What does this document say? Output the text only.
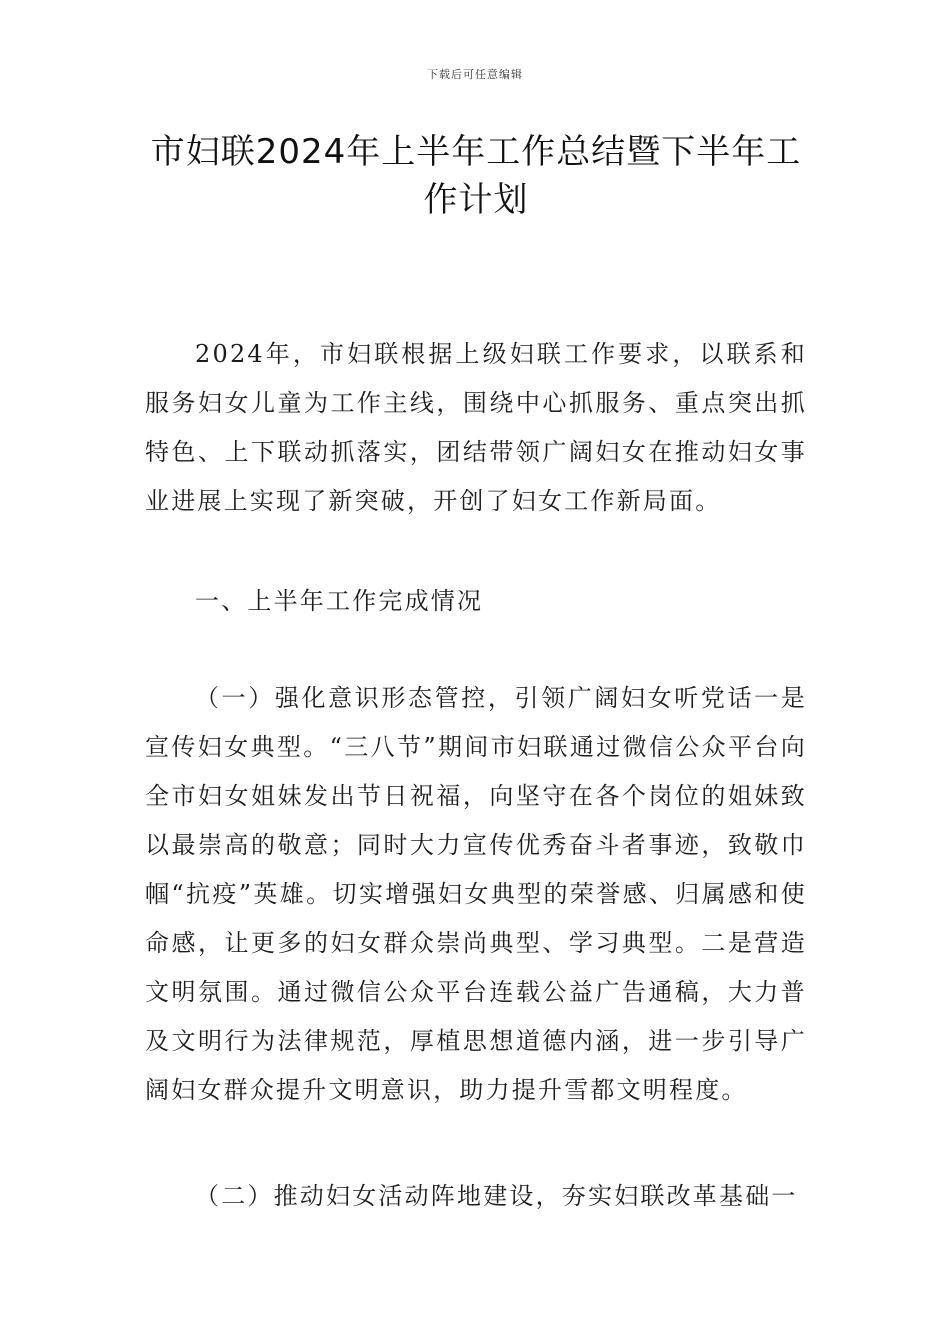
下载后可任意编辑
市妇联2024年上半年工作总结暨下半年工作计划

2024年，市妇联根据上级妇联工作要求，以联系和服务妇女儿童为工作主线，围绕中心抓服务、重点突出抓特色、上下联动抓落实，团结带领广阔妇女在推动妇女事业进展上实现了新突破，开创了妇女工作新局面。

一、上半年工作完成情况

（一）强化意识形态管控，引领广阔妇女听党话一是宣传妇女典型。“三八节”期间市妇联通过微信公众平台向全市妇女姐妹发出节日祝福，向坚守在各个岗位的姐妹致以最崇高的敬意；同时大力宣传优秀奋斗者事迹，致敬巾帼“抗疫”英雄。切实增强妇女典型的荣誉感、归属感和使命感，让更多的妇女群众崇尚典型、学习典型。二是营造文明氛围。通过微信公众平台连载公益广告通稿，大力普及文明行为法律规范，厚植思想道德内涵，进一步引导广阔妇女群众提升文明意识，助力提升雪都文明程度。

（二）推动妇女活动阵地建设，夯实妇联改革基础一
